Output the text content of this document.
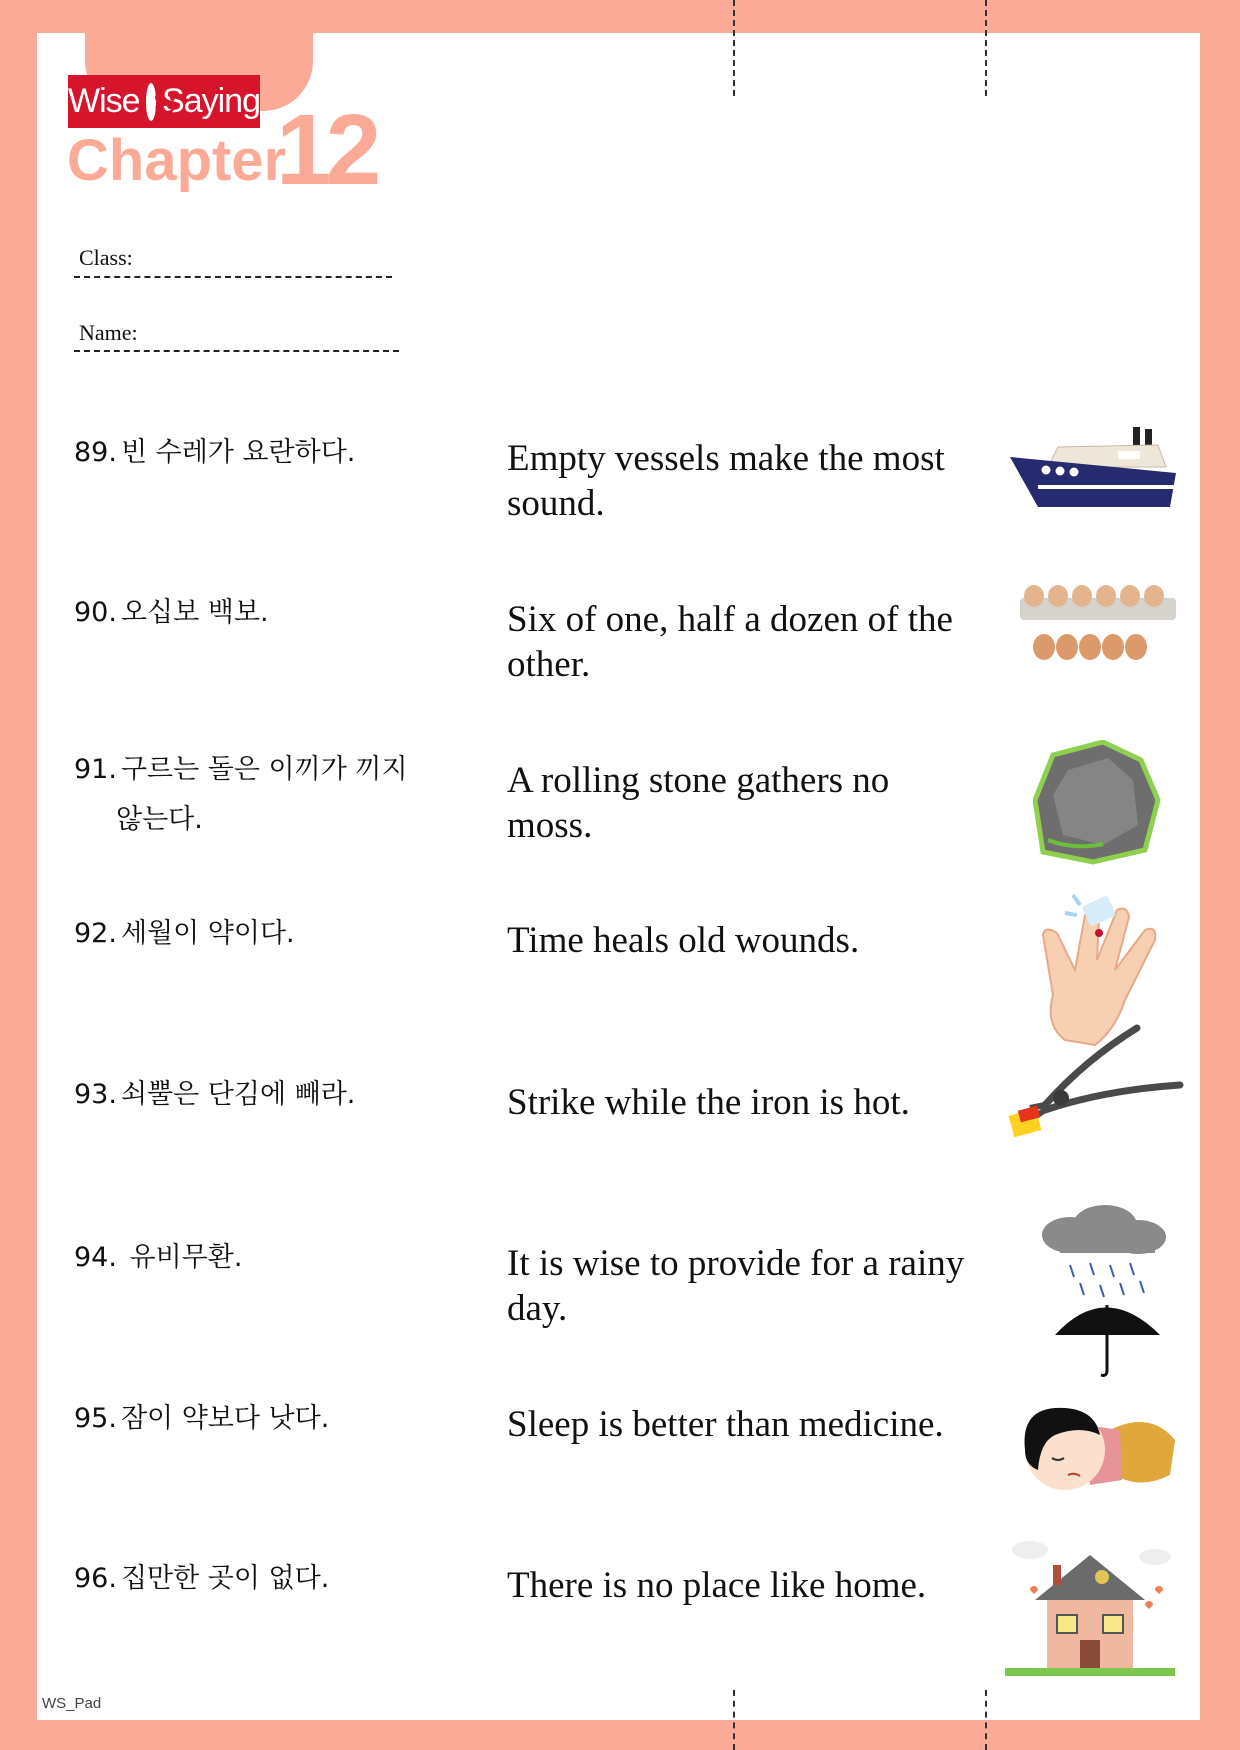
Wise Saying
Chapter
12
Class:
Name:
89. 빈 수레가 요란하다.	Empty vessels make the most sound.
90. 오십보 백보.	Six of one, half a dozen of the other.
91. 구르는 돌은 이끼가 끼지
않는다.
A rolling stone gathers no moss.
92. 세월이 약이다.	Time heals old wounds.
93. 쇠뿔은 단김에 빼라.	Strike while the iron is hot.
94. 유비무환.	It is wise to provide for a rainy day.
95. 잠이 약보다 낫다.	Sleep is better than medicine.
96. 집만한 곳이 없다.	There is no place like home.
WS_Pad
